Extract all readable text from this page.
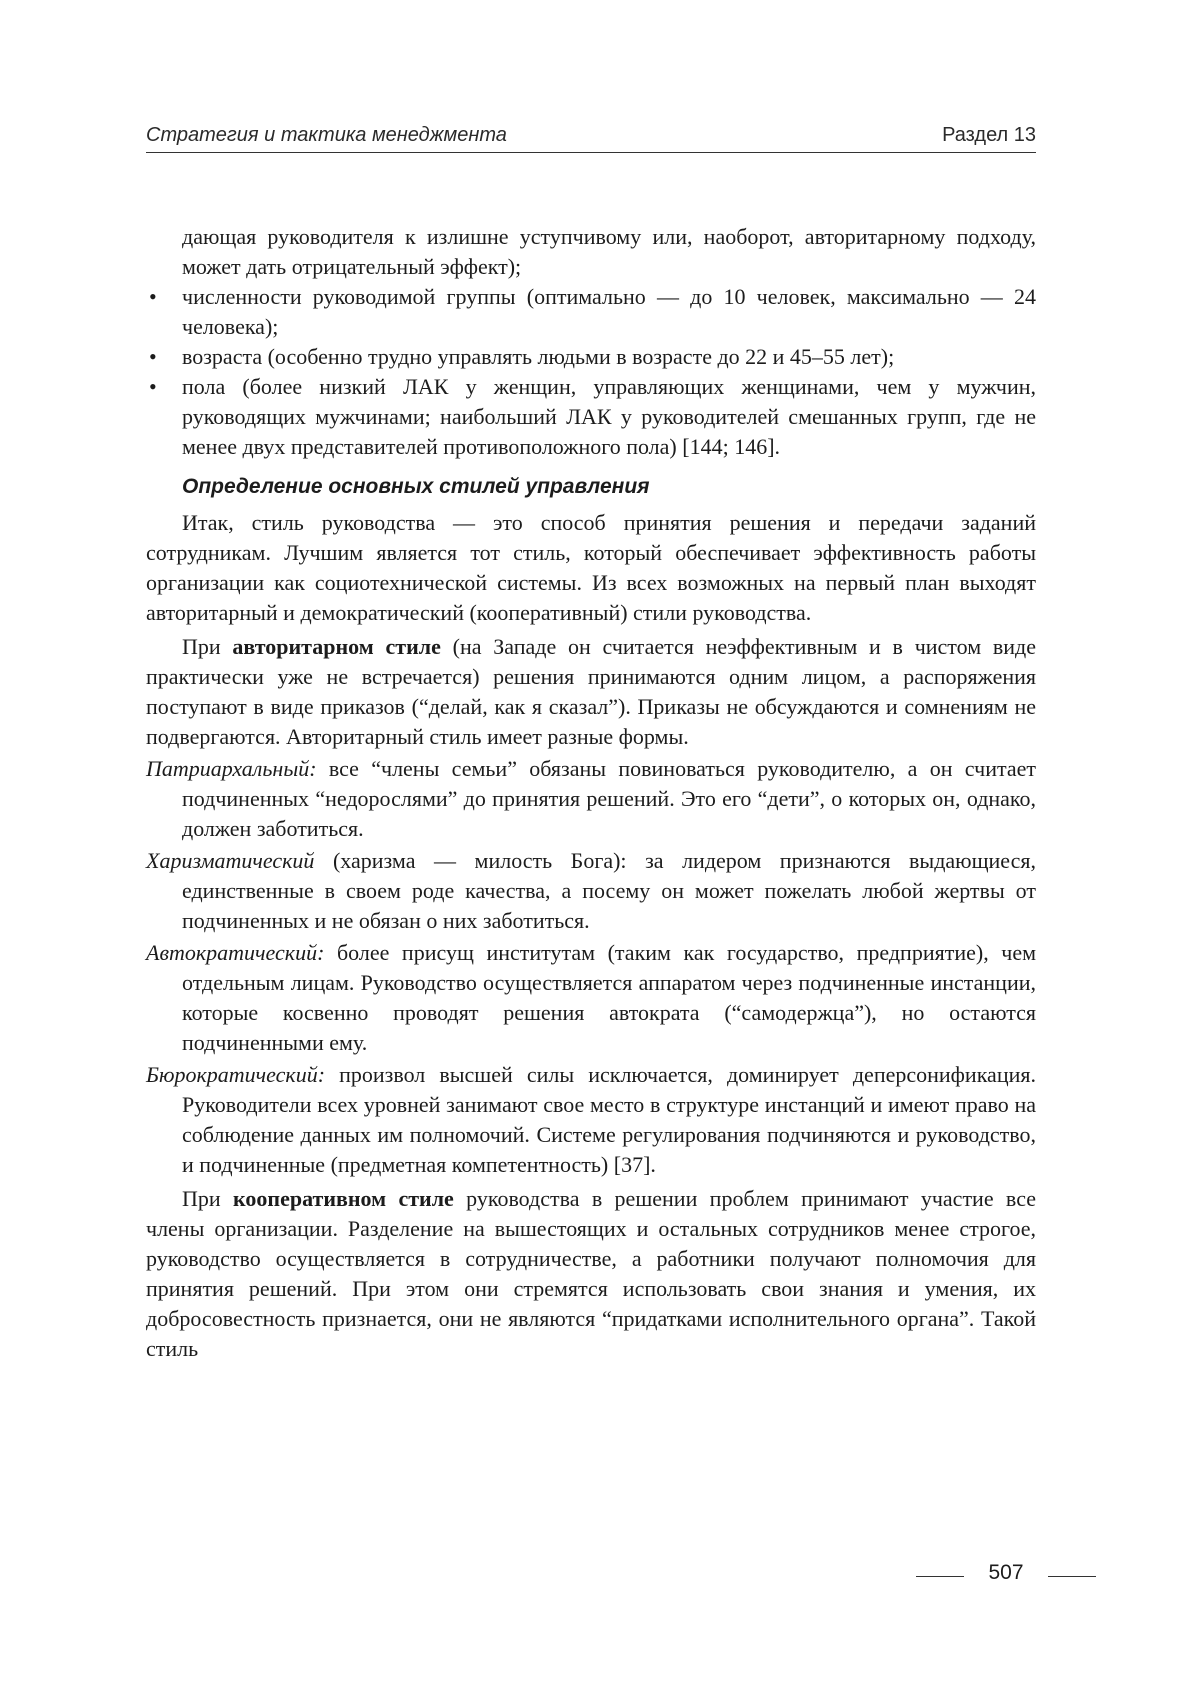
Стратегия и тактика менеджмента	Раздел 13

дающая руководителя к излишне уступчивому или, наоборот, авторитарному подходу, может дать отрицательный эффект);

• численности руководимой группы (оптимально — до 10 человек, максимально — 24 человека);
• возраста (особенно трудно управлять людьми в возрасте до 22 и 45–55 лет);
• пола (более низкий ЛАК у женщин, управляющих женщинами, чем у мужчин, руководящих мужчинами; наибольший ЛАК у руководителей смешанных групп, где не менее двух представителей противоположного пола) [144; 146].
Определение основных стилей управления

Итак, стиль руководства — это способ принятия решения и передачи заданий сотрудникам. Лучшим является тот стиль, который обеспечивает эффективность работы организации как социотехнической системы. Из всех возможных на первый план выходят авторитарный и демократический (кооперативный) стили руководства.

При авторитарном стиле (на Западе он считается неэффективным и в чистом виде практически уже не встречается) решения принимаются одним лицом, а распоряжения поступают в виде приказов (“делай, как я сказал”). Приказы не обсуждаются и сомнениям не подвергаются. Авторитарный стиль имеет разные формы.

Патриархальный: все “члены семьи” обязаны повиноваться руководителю, а он считает подчиненных “недорослями” до принятия решений. Это его “дети”, о которых он, однако, должен заботиться.

Харизматический (харизма — милость Бога): за лидером признаются выдающиеся, единственные в своем роде качества, а посему он может пожелать любой жертвы от подчиненных и не обязан о них заботиться.

Автократический: более присущ институтам (таким как государство, предприятие), чем отдельным лицам. Руководство осуществляется аппаратом через подчиненные инстанции, которые косвенно проводят решения автократа (“самодержца”), но остаются подчиненными ему.

Бюрократический: произвол высшей силы исключается, доминирует деперсонификация. Руководители всех уровней занимают свое место в структуре инстанций и имеют право на соблюдение данных им полномочий. Системе регулирования подчиняются и руководство, и подчиненные (предметная компетентность) [37].

При кооперативном стиле руководства в решении проблем принимают участие все члены организации. Разделение на вышестоящих и остальных сотрудников менее строгое, руководство осуществляется в сотрудничестве, а работники получают полномочия для принятия решений. При этом они стремятся использовать свои знания и умения, их добросовестность признается, они не являются “придатками исполнительного органа”. Такой стиль

507
